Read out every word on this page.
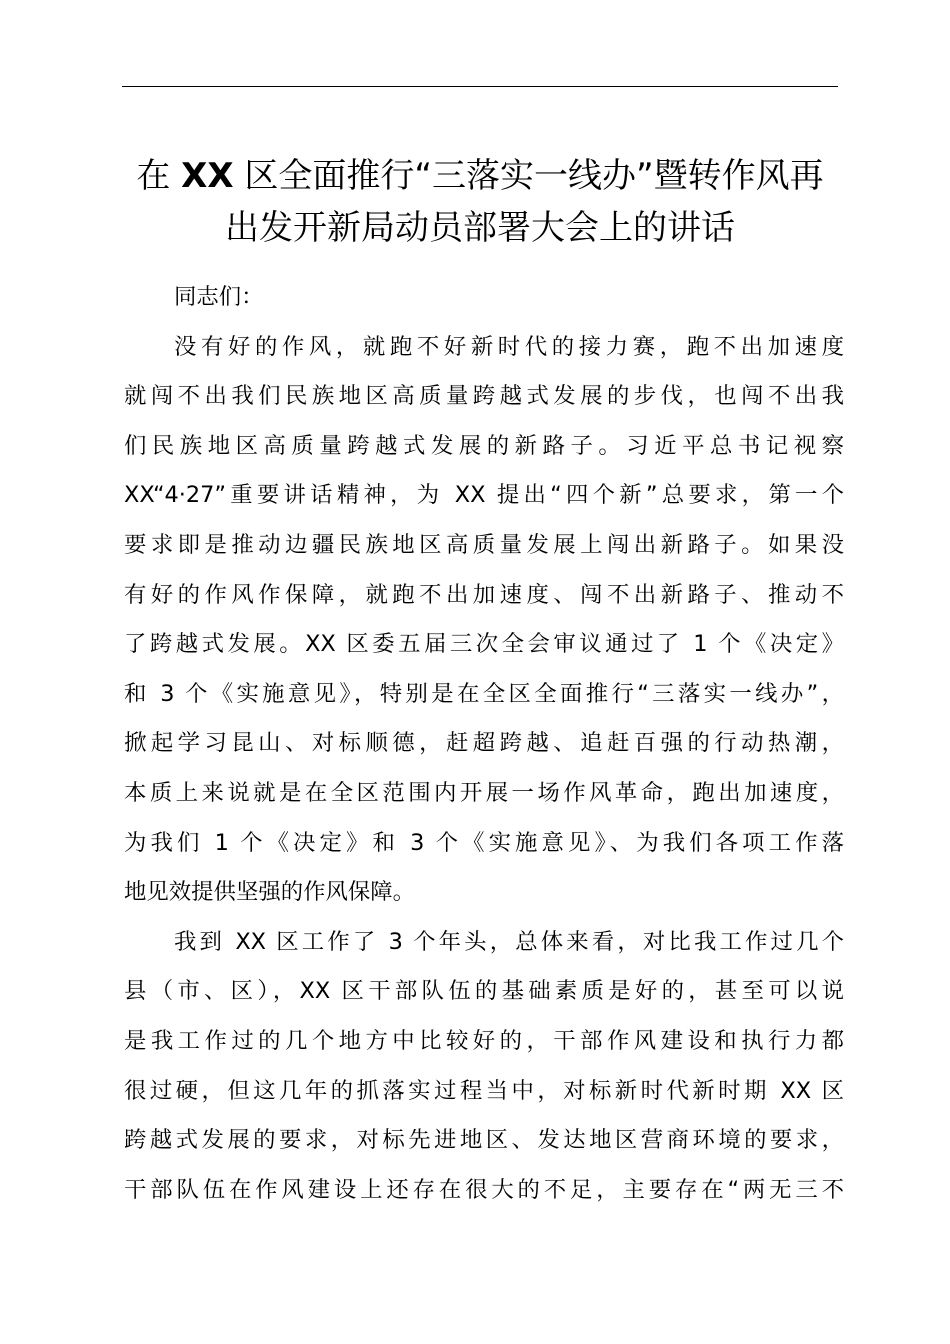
在 XX 区全面推行“三落实一线办”暨转作风再
出发开新局动员部署大会上的讲话

同志们：

没有好的作风，就跑不好新时代的接力赛，跑不出加速度
就闯不出我们民族地区高质量跨越式发展的步伐，也闯不出我
们民族地区高质量跨越式发展的新路子。习近平总书记视察
XX“4·27”重要讲话精神，为 XX 提出“四个新”总要求，第一个
要求即是推动边疆民族地区高质量发展上闯出新路子。如果没
有好的作风作保障，就跑不出加速度、闯不出新路子、推动不
了跨越式发展。XX 区委五届三次全会审议通过了 1 个《决定》
和 3 个《实施意见》，特别是在全区全面推行“三落实一线办”，
掀起学习昆山、对标顺德，赶超跨越、追赶百强的行动热潮，
本质上来说就是在全区范围内开展一场作风革命，跑出加速度，
为我们 1 个《决定》和 3 个《实施意见》、为我们各项工作落
地见效提供坚强的作风保障。

我到 XX 区工作了 3 个年头，总体来看，对比我工作过几个
县（市、区），XX 区干部队伍的基础素质是好的，甚至可以说
是我工作过的几个地方中比较好的，干部作风建设和执行力都
很过硬，但这几年的抓落实过程当中，对标新时代新时期 XX 区
跨越式发展的要求，对标先进地区、发达地区营商环境的要求，
干部队伍在作风建设上还存在很大的不足，主要存在“两无三不
